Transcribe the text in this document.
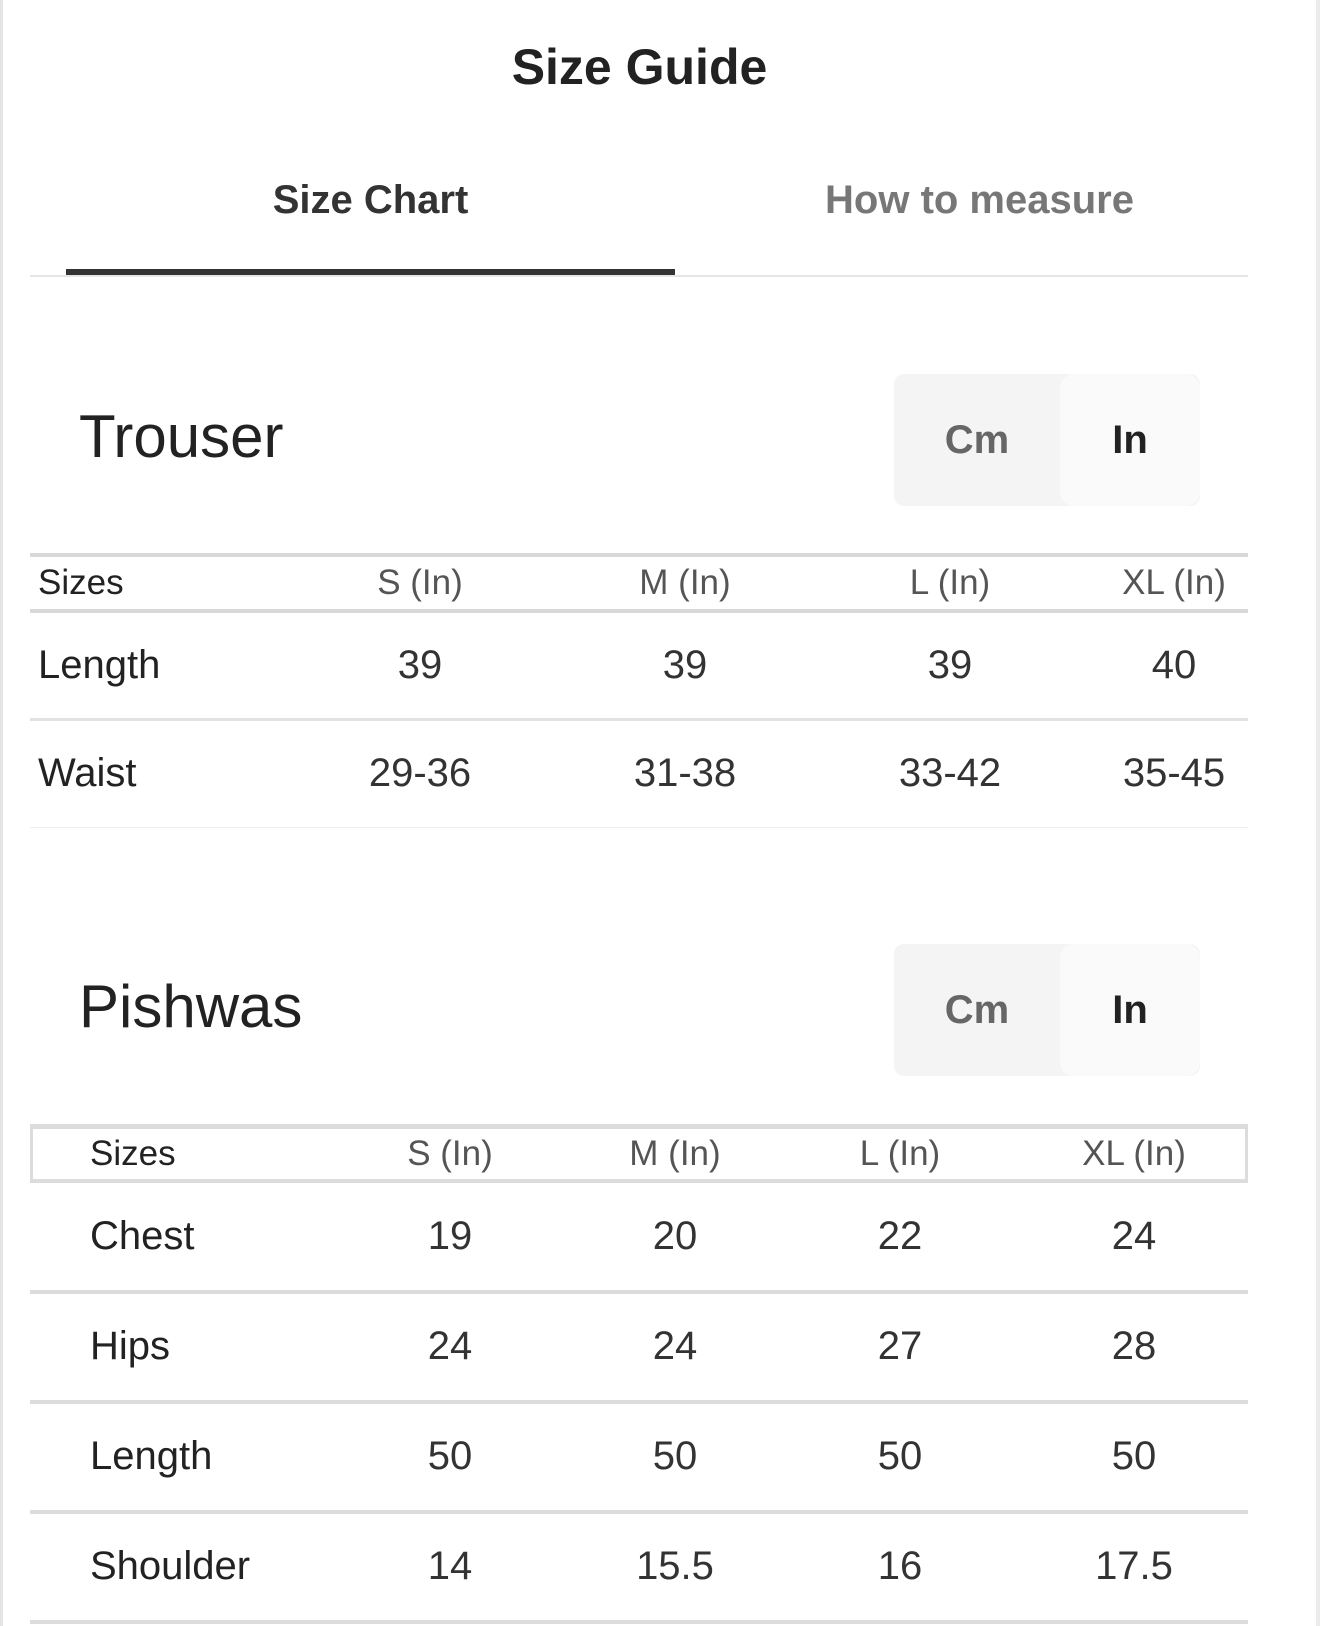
Size Guide
Size Chart	How to measure
Trouser	Cm	In
Sizes	S (In)	M (In)	L (In)	XL (In)
Length	39	39	39	40
Waist	29-36	31-38	33-42	35-45
Pishwas	Cm	In
Sizes	S (In)	M (In)	L (In)	XL (In)
Chest	19	20	22	24
Hips	24	24	27	28
Length	50	50	50	50
Shoulder	14	15.5	16	17.5
